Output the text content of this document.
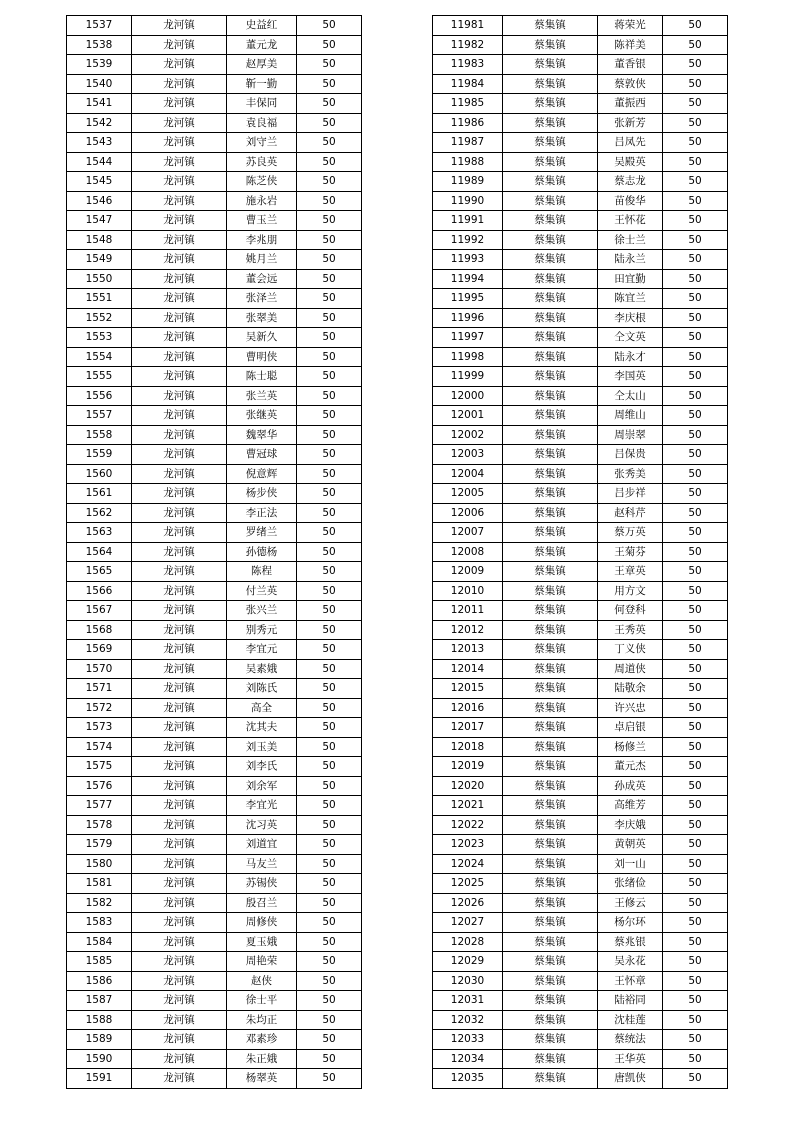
1537	龙河镇	史益红	50
1538	龙河镇	董元龙	50
1539	龙河镇	赵厚美	50
1540	龙河镇	靳一勤	50
1541	龙河镇	丰保同	50
1542	龙河镇	袁良福	50
1543	龙河镇	刘守兰	50
1544	龙河镇	苏良英	50
1545	龙河镇	陈芝侠	50
1546	龙河镇	施永岩	50
1547	龙河镇	曹玉兰	50
1548	龙河镇	李兆朋	50
1549	龙河镇	姚月兰	50
1550	龙河镇	董会远	50
1551	龙河镇	张泽兰	50
1552	龙河镇	张翠美	50
1553	龙河镇	吴新久	50
1554	龙河镇	曹明侠	50
1555	龙河镇	陈士聪	50
1556	龙河镇	张兰英	50
1557	龙河镇	张继英	50
1558	龙河镇	魏翠华	50
1559	龙河镇	曹冠球	50
1560	龙河镇	倪意辉	50
1561	龙河镇	杨步侠	50
1562	龙河镇	李正法	50
1563	龙河镇	罗绪兰	50
1564	龙河镇	孙德杨	50
1565	龙河镇	陈程	50
1566	龙河镇	付兰英	50
1567	龙河镇	张兴兰	50
1568	龙河镇	别秀元	50
1569	龙河镇	李宜元	50
1570	龙河镇	吴素娥	50
1571	龙河镇	刘陈氏	50
1572	龙河镇	高全	50
1573	龙河镇	沈其夫	50
1574	龙河镇	刘玉美	50
1575	龙河镇	刘李氏	50
1576	龙河镇	刘余军	50
1577	龙河镇	李宜光	50
1578	龙河镇	沈习英	50
1579	龙河镇	刘道宜	50
1580	龙河镇	马友兰	50
1581	龙河镇	苏锡侠	50
1582	龙河镇	殷召兰	50
1583	龙河镇	周修侠	50
1584	龙河镇	夏玉娥	50
1585	龙河镇	周艳荣	50
1586	龙河镇	赵侠	50
1587	龙河镇	徐士平	50
1588	龙河镇	朱均正	50
1589	龙河镇	邓素珍	50
1590	龙河镇	朱正娥	50
1591	龙河镇	杨翠英	50
11981	蔡集镇	蒋荣光	50
11982	蔡集镇	陈祥美	50
11983	蔡集镇	董香银	50
11984	蔡集镇	蔡敦侠	50
11985	蔡集镇	董振西	50
11986	蔡集镇	张新芳	50
11987	蔡集镇	吕凤先	50
11988	蔡集镇	吴殿英	50
11989	蔡集镇	蔡志龙	50
11990	蔡集镇	苗俊华	50
11991	蔡集镇	王怀花	50
11992	蔡集镇	徐士兰	50
11993	蔡集镇	陆永兰	50
11994	蔡集镇	田宜勤	50
11995	蔡集镇	陈宜兰	50
11996	蔡集镇	李庆根	50
11997	蔡集镇	仝文英	50
11998	蔡集镇	陆永才	50
11999	蔡集镇	李国英	50
12000	蔡集镇	仝太山	50
12001	蔡集镇	周维山	50
12002	蔡集镇	周崇翠	50
12003	蔡集镇	吕保贵	50
12004	蔡集镇	张秀美	50
12005	蔡集镇	吕步祥	50
12006	蔡集镇	赵科芹	50
12007	蔡集镇	蔡万英	50
12008	蔡集镇	王菊芬	50
12009	蔡集镇	王章英	50
12010	蔡集镇	用方文	50
12011	蔡集镇	何登科	50
12012	蔡集镇	王秀英	50
12013	蔡集镇	丁义侠	50
12014	蔡集镇	周道侠	50
12015	蔡集镇	陆敬余	50
12016	蔡集镇	许兴忠	50
12017	蔡集镇	卓启银	50
12018	蔡集镇	杨修兰	50
12019	蔡集镇	董元杰	50
12020	蔡集镇	孙成英	50
12021	蔡集镇	高维芳	50
12022	蔡集镇	李庆娥	50
12023	蔡集镇	黄朝英	50
12024	蔡集镇	刘一山	50
12025	蔡集镇	张绪俭	50
12026	蔡集镇	王修云	50
12027	蔡集镇	杨尔环	50
12028	蔡集镇	蔡兆银	50
12029	蔡集镇	吴永花	50
12030	蔡集镇	王怀章	50
12031	蔡集镇	陆裕同	50
12032	蔡集镇	沈桂莲	50
12033	蔡集镇	蔡统法	50
12034	蔡集镇	王华英	50
12035	蔡集镇	唐凯侠	50
